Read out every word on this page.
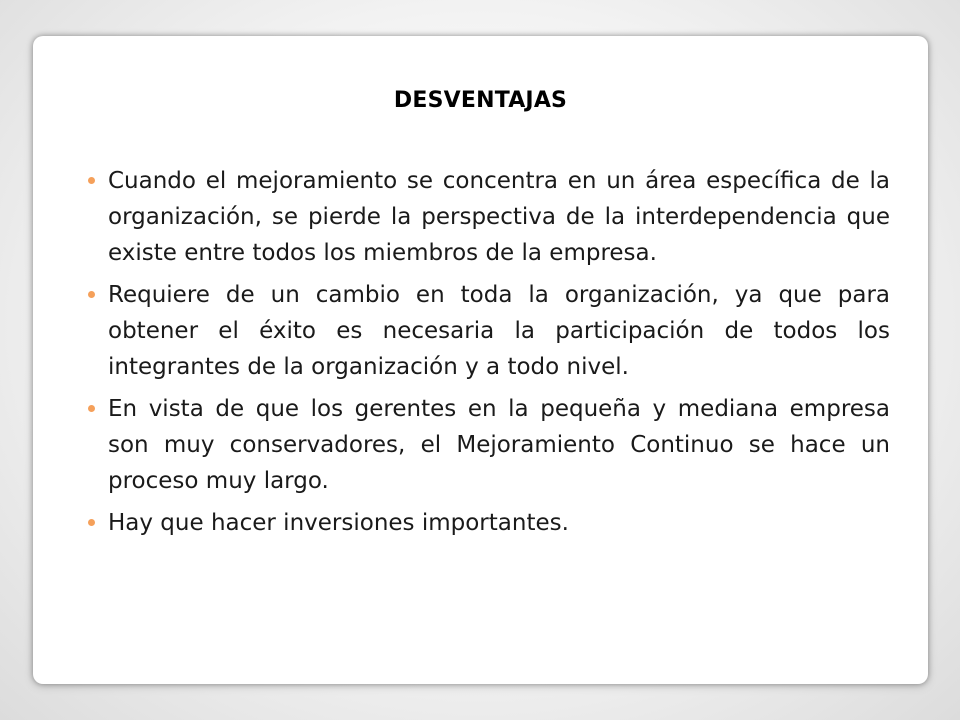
DESVENTAJAS
Cuando el mejoramiento se concentra en un área específica de la organización, se pierde la perspectiva de la interdependencia que existe entre todos los miembros de la empresa.
Requiere de un cambio en toda la organización, ya que para obtener el éxito es necesaria la participación de todos los integrantes de la organización y a todo nivel.
En vista de que los gerentes en la pequeña y mediana empresa son muy conservadores, el Mejoramiento Continuo se hace un proceso muy largo.
Hay que hacer inversiones importantes.
